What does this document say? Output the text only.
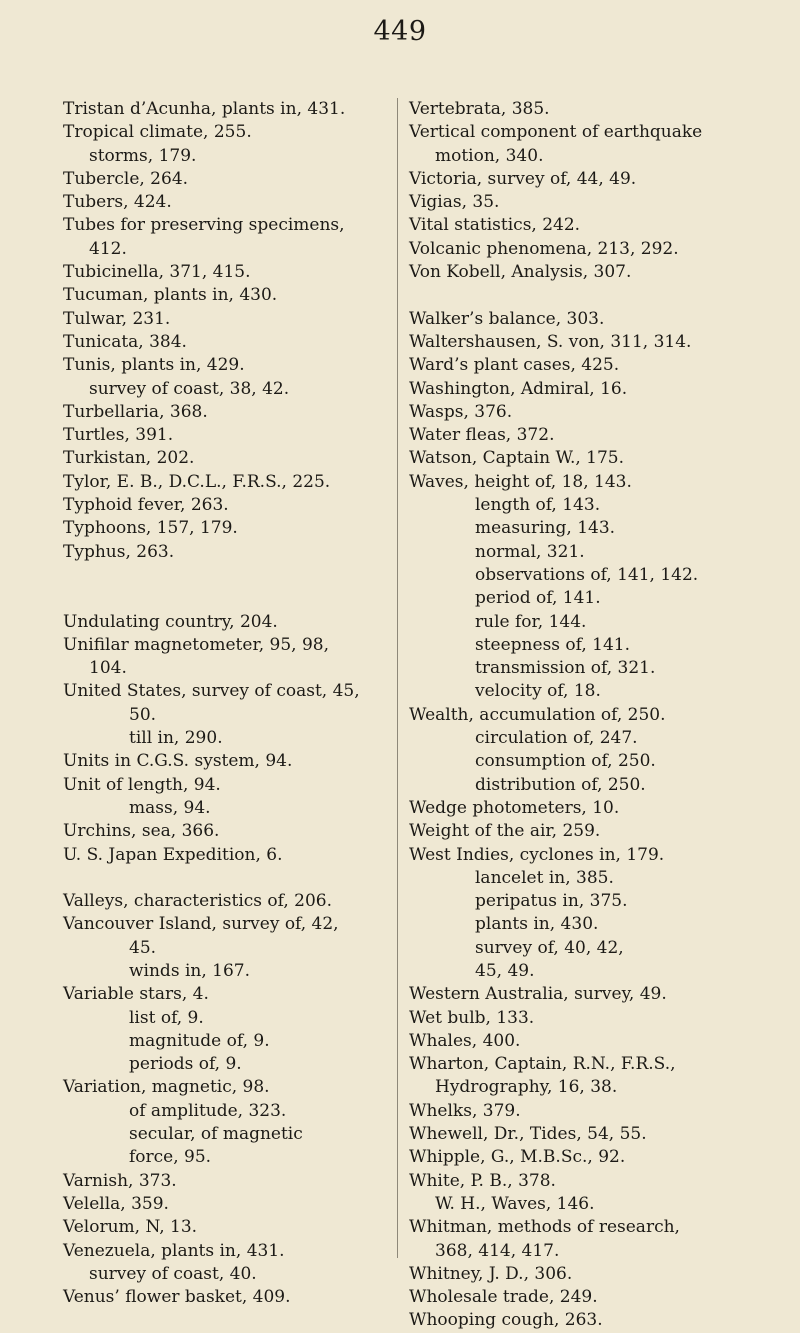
449
Tristan d’Acunha, plants in, 431.
Tropical climate, 255.
storms, 179.
Tubercle, 264.
Tubers, 424.
Tubes for preserving specimens,
412.
Tubicinella, 371, 415.
Tucuman, plants in, 430.
Tulwar, 231.
Tunicata, 384.
Tunis, plants in, 429.
survey of coast, 38, 42.
Turbellaria, 368.
Turtles, 391.
Turkistan, 202.
Tylor, E. B., D.C.L., F.R.S., 225.
Typhoid fever, 263.
Typhoons, 157, 179.
Typhus, 263.
Undulating country, 204.
Unifilar magnetometer, 95, 98,
104.
United States, survey of coast, 45,
50.
till in, 290.
Units in C.G.S. system, 94.
Unit of length, 94.
mass, 94.
Urchins, sea, 366.
U. S. Japan Expedition, 6.
Valleys, characteristics of, 206.
Vancouver Island, survey of, 42,
45.
winds in, 167.
Variable stars, 4.
list of, 9.
magnitude of, 9.
periods of, 9.
Variation, magnetic, 98.
of amplitude, 323.
secular, of magnetic
force, 95.
Varnish, 373.
Velella, 359.
Velorum, N, 13.
Venezuela, plants in, 431.
survey of coast, 40.
Venus’ flower basket, 409.
Vertebrata, 385.
Vertical component of earthquake
motion, 340.
Victoria, survey of, 44, 49.
Vigias, 35.
Vital statistics, 242.
Volcanic phenomena, 213, 292.
Von Kobell, Analysis, 307.
Walker’s balance, 303.
Waltershausen, S. von, 311, 314.
Ward’s plant cases, 425.
Washington, Admiral, 16.
Wasps, 376.
Water fleas, 372.
Watson, Captain W., 175.
Waves, height of, 18, 143.
length of, 143.
measuring, 143.
normal, 321.
observations of, 141, 142.
period of, 141.
rule for, 144.
steepness of, 141.
transmission of, 321.
velocity of, 18.
Wealth, accumulation of, 250.
circulation of, 247.
consumption of, 250.
distribution of, 250.
Wedge photometers, 10.
Weight of the air, 259.
West Indies, cyclones in, 179.
lancelet in, 385.
peripatus in, 375.
plants in, 430.
survey of, 40, 42,
45, 49.
Western Australia, survey, 49.
Wet bulb, 133.
Whales, 400.
Wharton, Captain, R.N., F.R.S.,
Hydrography, 16, 38.
Whelks, 379.
Whewell, Dr., Tides, 54, 55.
Whipple, G., M.B.Sc., 92.
White, P. B., 378.
W. H., Waves, 146.
Whitman, methods of research,
368, 414, 417.
Whitney, J. D., 306.
Wholesale trade, 249.
Whooping cough, 263.
